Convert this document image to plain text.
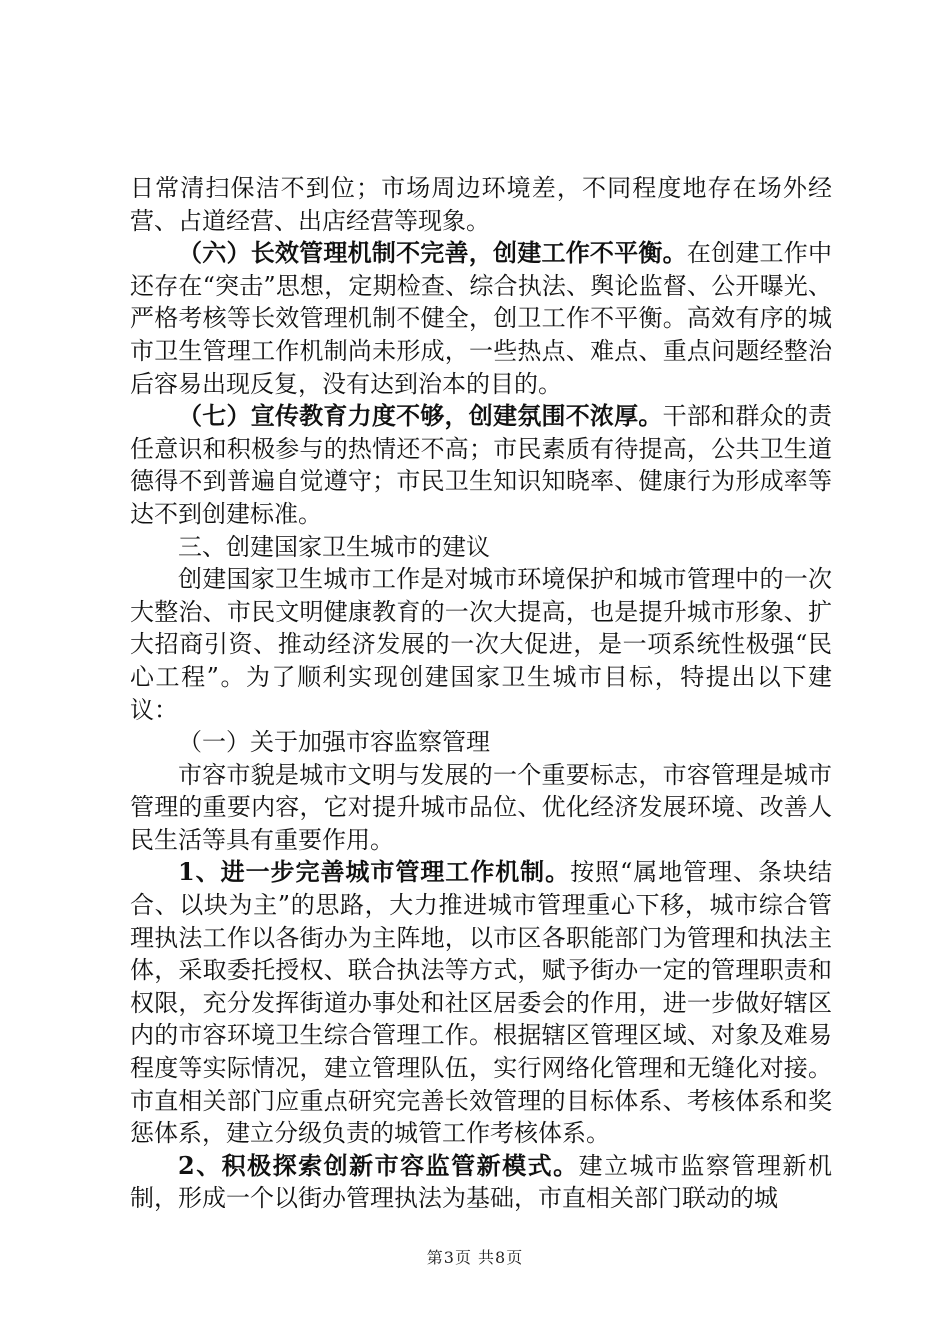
日常清扫保洁不到位；市场周边环境差，不同程度地存在场外经营、占道经营、出店经营等现象。

（六）长效管理机制不完善，创建工作不平衡。在创建工作中还存在“突击”思想，定期检查、综合执法、舆论监督、公开曝光、严格考核等长效管理机制不健全，创卫工作不平衡。高效有序的城市卫生管理工作机制尚未形成，一些热点、难点、重点问题经整治后容易出现反复，没有达到治本的目的。

（七）宣传教育力度不够，创建氛围不浓厚。干部和群众的责任意识和积极参与的热情还不高；市民素质有待提高，公共卫生道德得不到普遍自觉遵守；市民卫生知识知晓率、健康行为形成率等达不到创建标准。

三、创建国家卫生城市的建议

创建国家卫生城市工作是对城市环境保护和城市管理中的一次大整治、市民文明健康教育的一次大提高，也是提升城市形象、扩大招商引资、推动经济发展的一次大促进，是一项系统性极强“民心工程”。为了顺利实现创建国家卫生城市目标，特提出以下建议：

（一）关于加强市容监察管理

市容市貌是城市文明与发展的一个重要标志，市容管理是城市管理的重要内容，它对提升城市品位、优化经济发展环境、改善人民生活等具有重要作用。

1、进一步完善城市管理工作机制。按照“属地管理、条块结合、以块为主”的思路，大力推进城市管理重心下移，城市综合管理执法工作以各街办为主阵地，以市区各职能部门为管理和执法主体，采取委托授权、联合执法等方式，赋予街办一定的管理职责和权限，充分发挥街道办事处和社区居委会的作用，进一步做好辖区内的市容环境卫生综合管理工作。根据辖区管理区域、对象及难易程度等实际情况，建立管理队伍，实行网络化管理和无缝化对接。市直相关部门应重点研究完善长效管理的目标体系、考核体系和奖惩体系，建立分级负责的城管工作考核体系。

2、积极探索创新市容监管新模式。建立城市监察管理新机制，形成一个以街办管理执法为基础，市直相关部门联动的城

第3页 共8页
